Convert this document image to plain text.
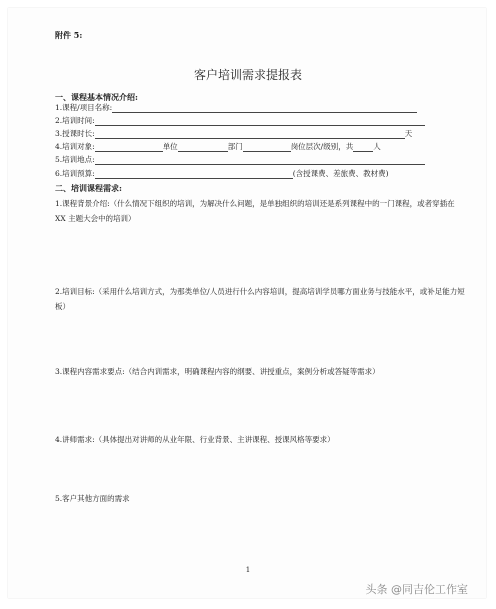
附件 5:
客户培训需求提报表
一、课程基本情况介绍:
1.课程/项目名称:
2.培训时间:
3.授课时长:	天
4.培训对象:	单位	部门	岗位层次/级别，共	人
5.培训地点:
6.培训预算:	(含授课费、差旅费、教材费)
二、培训课程需求:
1.课程背景介绍:（什么情况下组织的培训，为解决什么问题，是单独组织的培训还是系列课程中的一门课程，或者穿插在 XX 主题大会中的培训）
2.培训目标:（采用什么培训方式，为那类单位/人员进行什么内容培训，提高培训学员哪方面业务与技能水平，或补足能力短板）
3.课程内容需求要点:（结合内训需求，明确课程内容的纲要、讲授重点，案例分析或答疑等需求）
4.讲师需求:（具体提出对讲师的从业年限、行业背景、主讲课程、授课风格等要求）
5.客户其他方面的需求
1
头条 @同吉伦工作室
